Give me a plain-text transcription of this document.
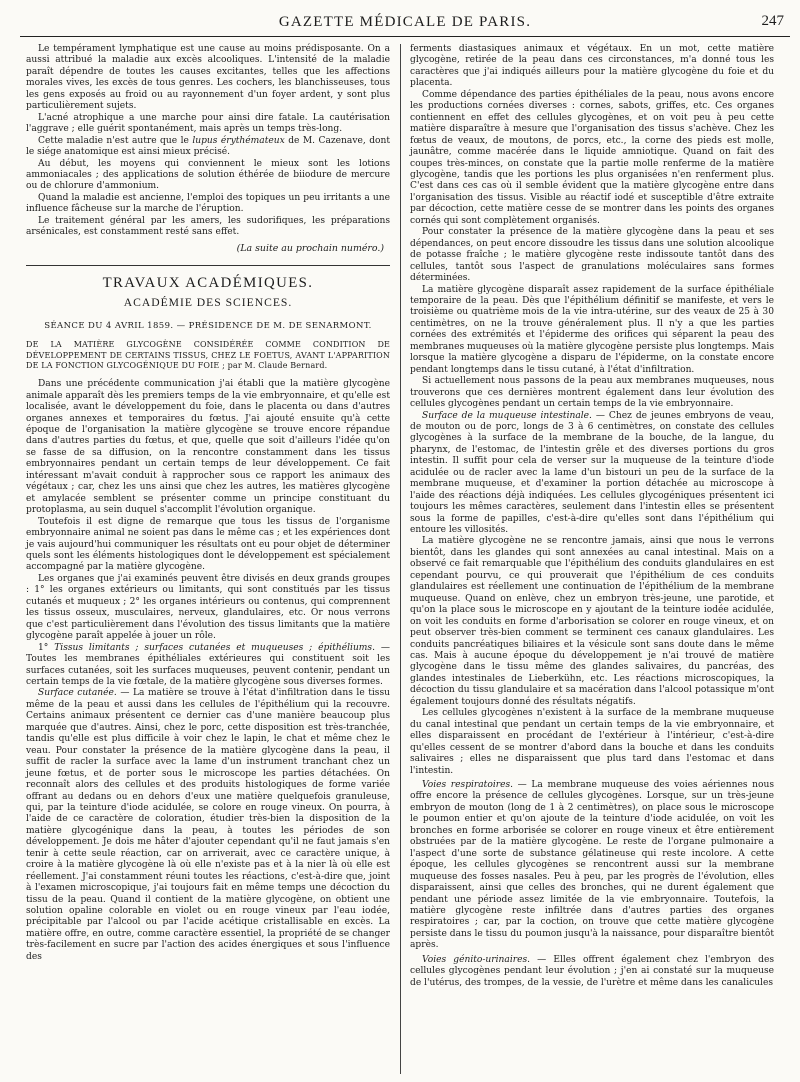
GAZETTE MÉDICALE DE PARIS.	247

Le tempérament lymphatique est une cause au moins prédisposante. On a aussi attribué la maladie aux excès alcooliques. L'intensité de la maladie paraît dépendre de toutes les causes excitantes, telles que les affections morales vives, les excès de tous genres. Les cochers, les blanchisseuses, tous les gens exposés au froid ou au rayonnement d'un foyer ardent, y sont plus particulièrement sujets.

L'acné atrophique a une marche pour ainsi dire fatale. La cautérisation l'aggrave ; elle guérit spontanément, mais après un temps très-long.

Cette maladie n'est autre que le lupus érythémateux de M. Cazenave, dont le siége anatomique est ainsi mieux précisé.

Au début, les moyens qui conviennent le mieux sont les lotions ammoniacales ; des applications de solution éthérée de biiodure de mercure ou de chlorure d'ammonium.

Quand la maladie est ancienne, l'emploi des topiques un peu irritants a une influence fâcheuse sur la marche de l'éruption.

Le traitement général par les amers, les sudorifiques, les préparations arsénicales, est constamment resté sans effet.

(La suite au prochain numéro.)
TRAVAUX ACADÉMIQUES.
ACADÉMIE DES SCIENCES.
SÉANCE DU 4 AVRIL 1859. — PRÉSIDENCE DE M. DE SENARMONT.
DE LA MATIÈRE GLYCOGÈNE CONSIDÉRÉE COMME CONDITION DE DÉVELOPPEMENT DE CERTAINS TISSUS, CHEZ LE FOETUS, AVANT L'APPARITION DE LA FONCTION GLYCOGÉNIQUE DU FOIE ; par M. Claude Bernard.

Dans une précédente communication j'ai établi que la matière glycogène animale apparaît dès les premiers temps de la vie embryonnaire, et qu'elle est localisée, avant le développement du foie, dans le placenta ou dans d'autres organes annexes et temporaires du fœtus. J'ai ajouté ensuite qu'à cette époque de l'organisation la matière glycogène se trouve encore répandue dans d'autres parties du fœtus, et que, quelle que soit d'ailleurs l'idée qu'on se fasse de sa diffusion, on la rencontre constamment dans les tissus embryonnaires pendant un certain temps de leur développement. Ce fait intéressant m'avait conduit à rapprocher sous ce rapport les animaux des végétaux ; car, chez les uns ainsi que chez les autres, les matières glycogène et amylacée semblent se présenter comme un principe constituant du protoplasma, au sein duquel s'accomplit l'évolution organique.

Toutefois il est digne de remarque que tous les tissus de l'organisme embryonnaire animal ne soient pas dans le même cas ; et les expériences dont je vais aujourd'hui communiquer les résultats ont eu pour objet de déterminer quels sont les éléments histologiques dont le développement est spécialement accompagné par la matière glycogène.

Les organes que j'ai examinés peuvent être divisés en deux grands groupes : 1° les organes extérieurs ou limitants, qui sont constitués par les tissus cutanés et muqueux ; 2° les organes intérieurs ou contenus, qui comprennent les tissus osseux, musculaires, nerveux, glandulaires, etc. Or nous verrons que c'est particulièrement dans l'évolution des tissus limitants que la matière glycogène paraît appelée à jouer un rôle.

1° Tissus limitants ; surfaces cutanées et muqueuses ; épithéliums. — Toutes les membranes épithéliales extérieures qui constituent soit les surfaces cutanées, soit les surfaces muqueuses, peuvent contenir, pendant un certain temps de la vie fœtale, de la matière glycogène sous diverses formes.

Surface cutanée. — La matière se trouve à l'état d'infiltration dans le tissu même de la peau et aussi dans les cellules de l'épithélium qui la recouvre. Certains animaux présentent ce dernier cas d'une manière beaucoup plus marquée que d'autres. Ainsi, chez le porc, cette disposition est très-tranchée, tandis qu'elle est plus difficile à voir chez le lapin, le chat et même chez le veau. Pour constater la présence de la matière glycogène dans la peau, il suffit de racler la surface avec la lame d'un instrument tranchant chez un jeune fœtus, et de porter sous le microscope les parties détachées. On reconnaît alors des cellules et des produits histologiques de forme variée offrant au dedans ou en dehors d'eux une matière quelquefois granuleuse, qui, par la teinture d'iode acidulée, se colore en rouge vineux. On pourra, à l'aide de ce caractère de coloration, étudier très-bien la disposition de la matière glycogénique dans la peau, à toutes les périodes de son développement. Je dois me hâter d'ajouter cependant qu'il ne faut jamais s'en tenir à cette seule réaction, car on arriverait, avec ce caractère unique, à croire à la matière glycogène là où elle n'existe pas et à la nier là où elle est réellement. J'ai constamment réuni toutes les réactions, c'est-à-dire que, joint à l'examen microscopique, j'ai toujours fait en même temps une décoction du tissu de la peau. Quand il contient de la matière glycogène, on obtient une solution opaline colorable en violet ou en rouge vineux par l'eau iodée, précipitable par l'alcool ou par l'acide acétique cristallisable en excès. La matière offre, en outre, comme caractère essentiel, la propriété de se changer très-facilement en sucre par l'action des acides énergiques et sous l'influence des

ferments diastasiques animaux et végétaux. En un mot, cette matière glycogène, retirée de la peau dans ces circonstances, m'a donné tous les caractères que j'ai indiqués ailleurs pour la matière glycogène du foie et du placenta.

Comme dépendance des parties épithéliales de la peau, nous avons encore les productions cornées diverses : cornes, sabots, griffes, etc. Ces organes contiennent en effet des cellules glycogènes, et on voit peu à peu cette matière disparaître à mesure que l'organisation des tissus s'achève. Chez les fœtus de veaux, de moutons, de porcs, etc., la corne des pieds est molle, jaunâtre, comme macérée dans le liquide amniotique. Quand on fait des coupes très-minces, on constate que la partie molle renferme de la matière glycogène, tandis que les portions les plus organisées n'en renferment plus. C'est dans ces cas où il semble évident que la matière glycogène entre dans l'organisation des tissus. Visible au réactif iodé et susceptible d'être extraite par décoction, cette matière cesse de se montrer dans les points des organes cornés qui sont complètement organisés.

Pour constater la présence de la matière glycogène dans la peau et ses dépendances, on peut encore dissoudre les tissus dans une solution alcoolique de potasse fraîche ; le matière glycogène reste indissoute tantôt dans des cellules, tantôt sous l'aspect de granulations moléculaires sans formes déterminées.

La matière glycogène disparaît assez rapidement de la surface épithéliale temporaire de la peau. Dès que l'épithélium définitif se manifeste, et vers le troisième ou quatrième mois de la vie intra-utérine, sur des veaux de 25 à 30 centimètres, on ne la trouve généralement plus. Il n'y a que les parties cornées des extrémités et l'épiderme des orifices qui séparent la peau des membranes muqueuses où la matière glycogène persiste plus longtemps. Mais lorsque la matière glycogène a disparu de l'épiderme, on la constate encore pendant longtemps dans le tissu cutané, à l'état d'infiltration.

Si actuellement nous passons de la peau aux membranes muqueuses, nous trouverons que ces dernières montrent également dans leur évolution des cellules glycogènes pendant un certain temps de la vie embryonnaire.

Surface de la muqueuse intestinale. — Chez de jeunes embryons de veau, de mouton ou de porc, longs de 3 à 6 centimètres, on constate des cellules glycogènes à la surface de la membrane de la bouche, de la langue, du pharynx, de l'estomac, de l'intestin grêle et des diverses portions du gros intestin. Il suffit pour cela de verser sur la muqueuse de la teinture d'iode acidulée ou de racler avec la lame d'un bistouri un peu de la surface de la membrane muqueuse, et d'examiner la portion détachée au microscope à l'aide des réactions déjà indiquées. Les cellules glycogéniques présentent ici toujours les mêmes caractères, seulement dans l'intestin elles se présentent sous la forme de papilles, c'est-à-dire qu'elles sont dans l'épithélium qui entoure les villosités.

La matière glycogène ne se rencontre jamais, ainsi que nous le verrons bientôt, dans les glandes qui sont annexées au canal intestinal. Mais on a observé ce fait remarquable que l'épithélium des conduits glandulaires en est cependant pourvu, ce qui prouverait que l'épithélium de ces conduits glandulaires est réellement une continuation de l'épithélium de la membrane muqueuse. Quand on enlève, chez un embryon très-jeune, une parotide, et qu'on la place sous le microscope en y ajoutant de la teinture iodée acidulée, on voit les conduits en forme d'arborisation se colorer en rouge vineux, et on peut observer très-bien comment se terminent ces canaux glandulaires. Les conduits pancréatiques biliaires et la vésicule sont sans doute dans le même cas. Mais à aucune époque du développement je n'ai trouvé de matière glycogène dans le tissu même des glandes salivaires, du pancréas, des glandes intestinales de Lieberkühn, etc. Les réactions microscopiques, la décoction du tissu glandulaire et sa macération dans l'alcool potassique m'ont également toujours donné des résultats négatifs.

Les cellules glycogènes n'existent à la surface de la membrane muqueuse du canal intestinal que pendant un certain temps de la vie embryonnaire, et elles disparaissent en procédant de l'extérieur à l'intérieur, c'est-à-dire qu'elles cessent de se montrer d'abord dans la bouche et dans les conduits salivaires ; elles ne disparaissent que plus tard dans l'estomac et dans l'intestin.

Voies respiratoires. — La membrane muqueuse des voies aériennes nous offre encore la présence de cellules glycogènes. Lorsque, sur un très-jeune embryon de mouton (long de 1 à 2 centimètres), on place sous le microscope le poumon entier et qu'on ajoute de la teinture d'iode acidulée, on voit les bronches en forme arborisée se colorer en rouge vineux et être entièrement obstruées par de la matière glycogène. Le reste de l'organe pulmonaire a l'aspect d'une sorte de substance gélatineuse qui reste incolore. A cette époque, les cellules glycogènes se rencontrent aussi sur la membrane muqueuse des fosses nasales. Peu à peu, par les progrès de l'évolution, elles disparaissent, ainsi que celles des bronches, qui ne durent également que pendant une période assez limitée de la vie embryonnaire. Toutefois, la matière glycogène reste infiltrée dans d'autres parties des organes respiratoires ; car, par la coction, on trouve que cette matière glycogène persiste dans le tissu du poumon jusqu'à la naissance, pour disparaître bientôt après.

Voies génito-urinaires. — Elles offrent également chez l'embryon des cellules glycogènes pendant leur évolution ; j'en ai constaté sur la muqueuse de l'utérus, des trompes, de la vessie, de l'urètre et même dans les canalicules
